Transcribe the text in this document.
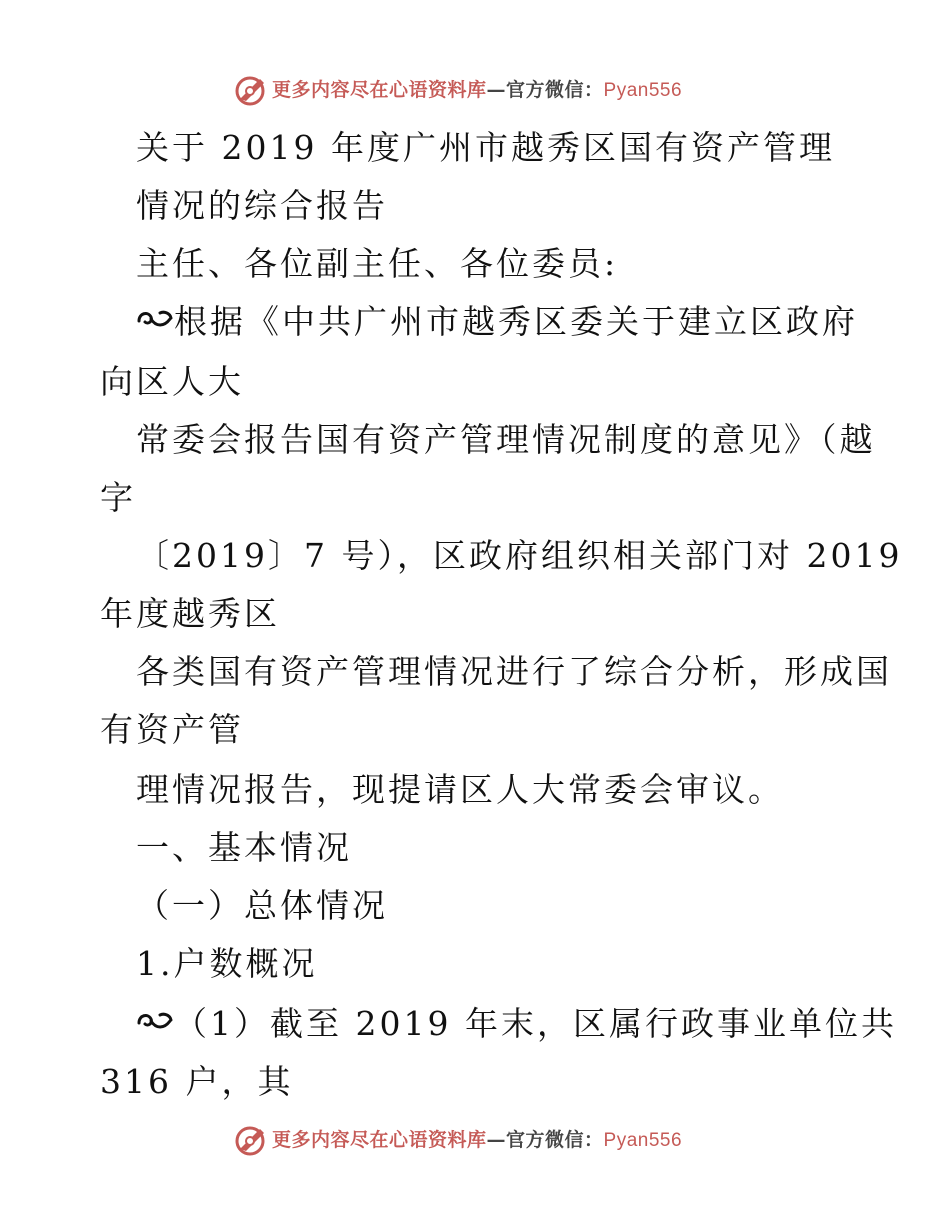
更多内容尽在心语资料库—官方微信：Pyan556
关于 2019 年度广州市越秀区国有资产管理
情况的综合报告
主任、各位副主任、各位委员:
根据《中共广州市越秀区委关于建立区政府
向区人大
常委会报告国有资产管理情况制度的意见》（越
字
〔2019〕7 号），区政府组织相关部门对 2019
年度越秀区
各类国有资产管理情况进行了综合分析，形成国
有资产管
理情况报告，现提请区人大常委会审议。
一、基本情况
（一）总体情况
1.户数概况
（1）截至 2019 年末，区属行政事业单位共
316 户，其
更多内容尽在心语资料库—官方微信：Pyan556
